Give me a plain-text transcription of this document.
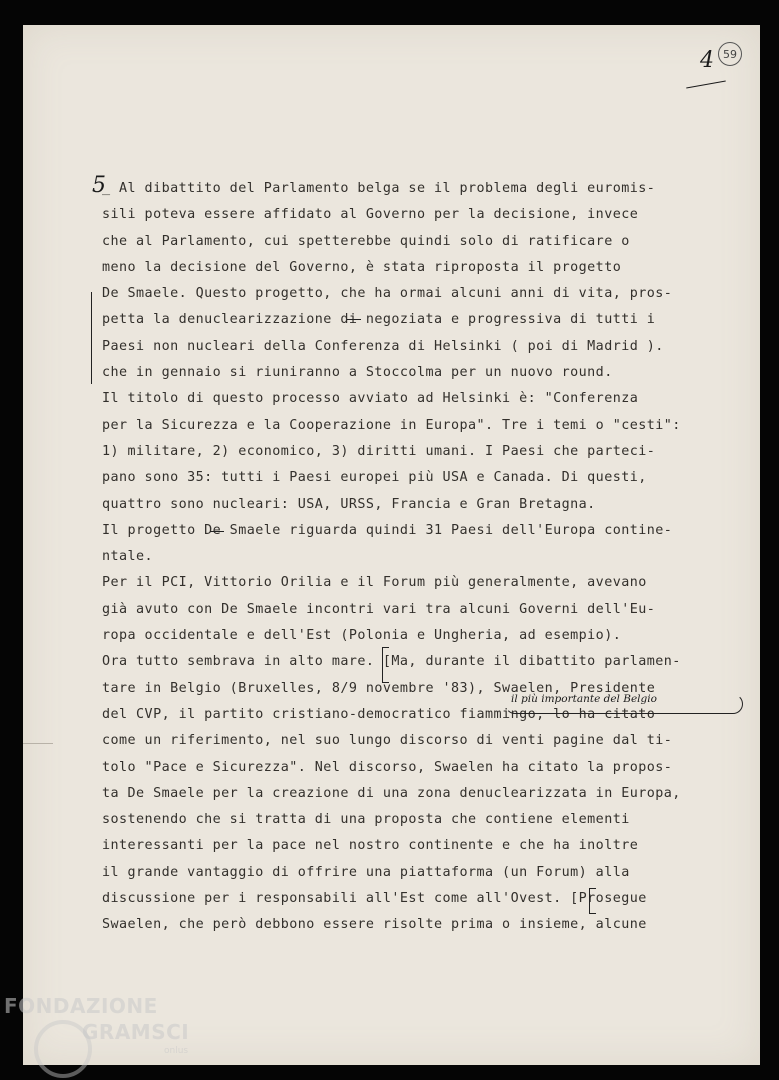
4 59
5
_ Al dibattito del Parlamento belga se il problema degli euromis-
sili poteva essere affidato al Governo per la decisione, invece
che al Parlamento, cui spetterebbe quindi solo di ratificare o
meno la decisione del Governo, è stata riproposta il progetto
De Smaele. Questo progetto, che ha ormai alcuni anni di vita, pros-
petta la denuclearizzazione di negoziata e progressiva di tutti i
Paesi non nucleari della Conferenza di Helsinki ( poi di Madrid ).
che in gennaio si riuniranno a Stoccolma per un nuovo round.
Il titolo di questo processo avviato ad Helsinki è: "Conferenza
per la Sicurezza e la Cooperazione in Europa". Tre i temi o "cesti":
1) militare, 2) economico, 3) diritti umani. I Paesi che parteci-
pano sono 35: tutti i Paesi europei più USA e Canada. Di questi,
quattro sono nucleari: USA, URSS, Francia e Gran Bretagna.
Il progetto De Smaele riguarda quindi 31 Paesi dell'Europa contine-
ntale.
Per il PCI, Vittorio Orilia e il Forum più generalmente, avevano
già avuto con De Smaele incontri vari tra alcuni Governi dell'Eu-
ropa occidentale e dell'Est (Polonia e Ungheria, ad esempio).
Ora tutto sembrava in alto mare. [Ma, durante il dibattito parlamen-
tare in Belgio (Bruxelles, 8/9 novembre '83), Swaelen, Presidente
del CVP, il partito cristiano-democratico fiammingo, lo ha citato
come un riferimento, nel suo lungo discorso di venti pagine dal ti-
tolo "Pace e Sicurezza". Nel discorso, Swaelen ha citato la propos-
ta De Smaele per la creazione di una zona denuclearizzata in Europa,
sostenendo che si tratta di una proposta che contiene elementi
interessanti per la pace nel nostro continente e che ha inoltre
il grande vantaggio di offrire una piattaforma (un Forum) alla
discussione per i responsabili all'Est come all'Ovest. [Prosegue
Swaelen, che però debbono essere risolte prima o insieme, alcune
il più importante del Belgio
FONDAZIONE
GRAMSCI
onlus
